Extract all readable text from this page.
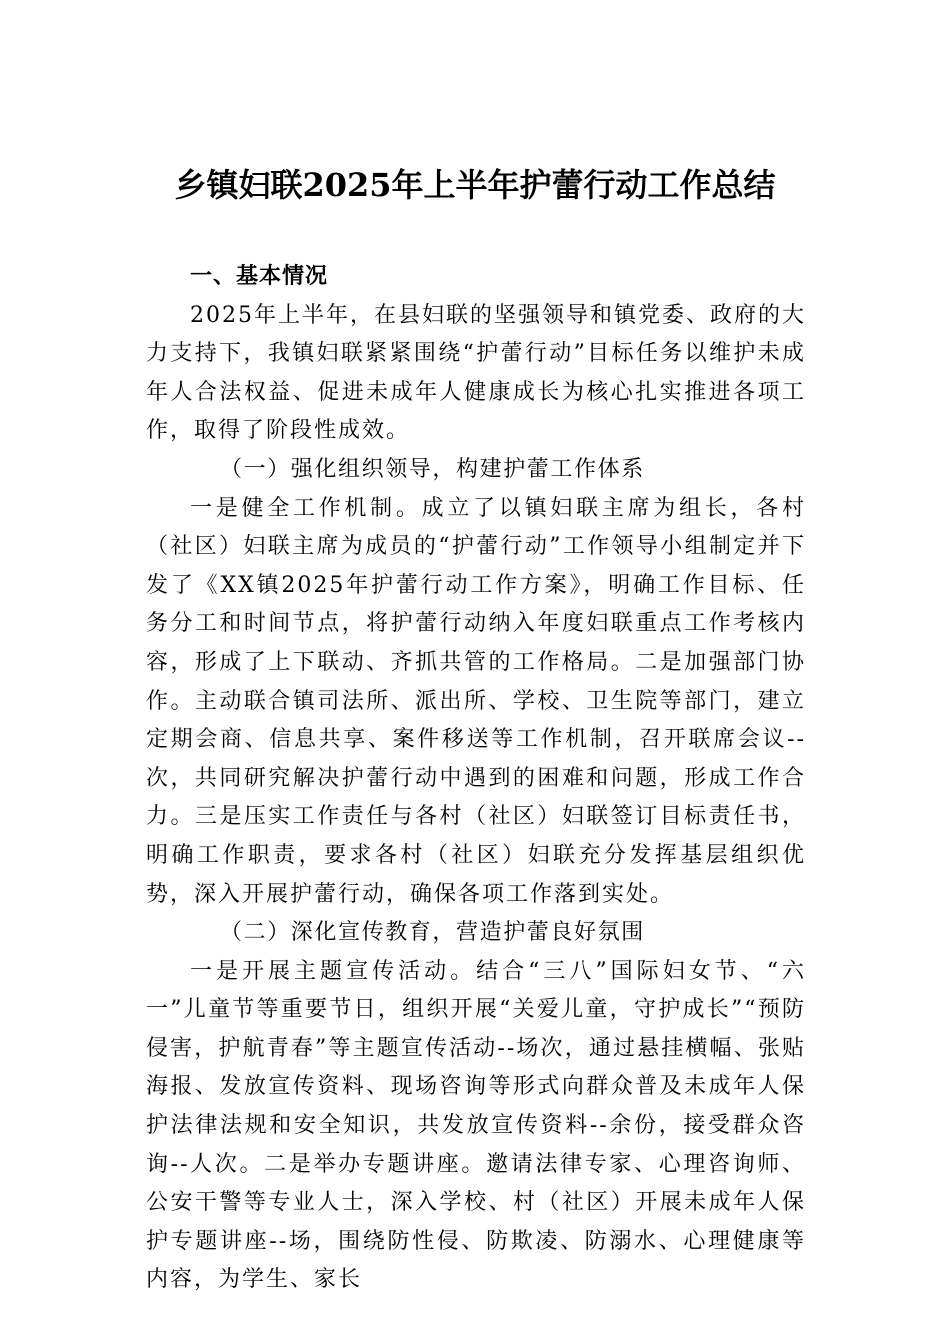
乡镇妇联2025年上半年护蕾行动工作总结

一、基本情况

2025年上半年，在县妇联的坚强领导和镇党委、政府的大力支持下，我镇妇联紧紧围绕“护蕾行动”目标任务以维护未成年人合法权益、促进未成年人健康成长为核心扎实推进各项工作，取得了阶段性成效。

（一）强化组织领导，构建护蕾工作体系

一是健全工作机制。成立了以镇妇联主席为组长，各村（社区）妇联主席为成员的“护蕾行动”工作领导小组制定并下发了《XX镇2025年护蕾行动工作方案》，明确工作目标、任务分工和时间节点，将护蕾行动纳入年度妇联重点工作考核内容，形成了上下联动、齐抓共管的工作格局。二是加强部门协作。主动联合镇司法所、派出所、学校、卫生院等部门，建立定期会商、信息共享、案件移送等工作机制，召开联席会议--次，共同研究解决护蕾行动中遇到的困难和问题，形成工作合力。三是压实工作责任与各村（社区）妇联签订目标责任书，明确工作职责，要求各村（社区）妇联充分发挥基层组织优势，深入开展护蕾行动，确保各项工作落到实处。

（二）深化宣传教育，营造护蕾良好氛围

一是开展主题宣传活动。结合“三八”国际妇女节、“六一”儿童节等重要节日，组织开展“关爱儿童，守护成长”“预防侵害，护航青春”等主题宣传活动--场次，通过悬挂横幅、张贴海报、发放宣传资料、现场咨询等形式向群众普及未成年人保护法律法规和安全知识，共发放宣传资料--余份，接受群众咨询--人次。二是举办专题讲座。邀请法律专家、心理咨询师、公安干警等专业人士，深入学校、村（社区）开展未成年人保护专题讲座--场，围绕防性侵、防欺凌、防溺水、心理健康等内容，为学生、家长
